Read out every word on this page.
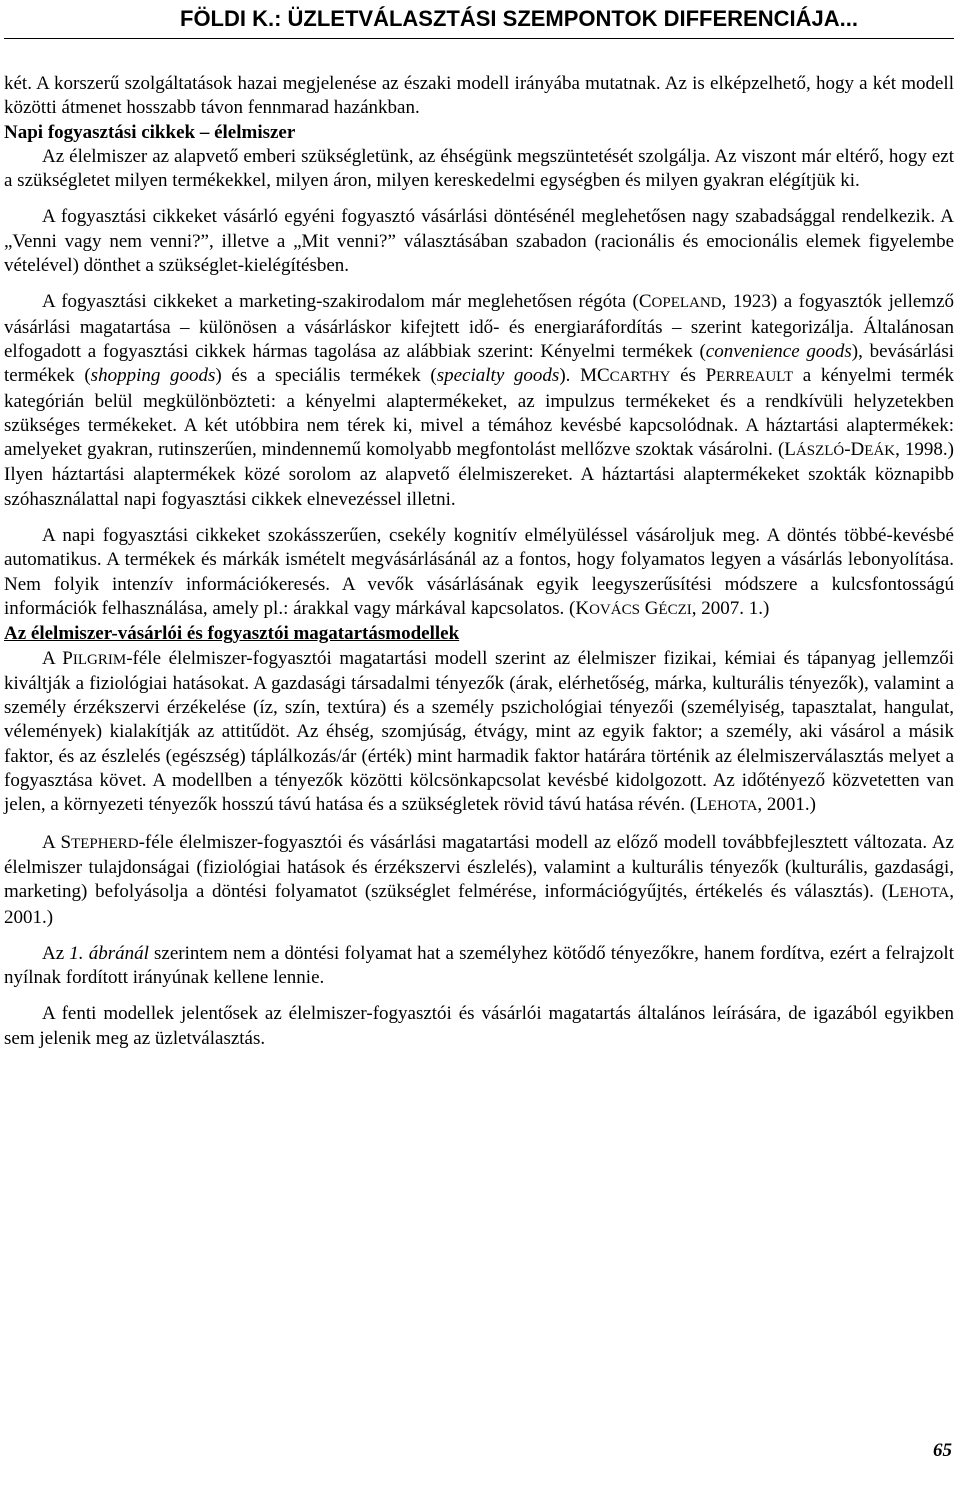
FÖLDI K.: ÜZLETVÁLASZTÁSI SZEMPONTOK DIFFERENCIÁJA...

két. A korszerű szolgáltatások hazai megjelenése az északi modell irányába mutatnak. Az is elképzelhető, hogy a két modell közötti átmenet hosszabb távon fennmarad hazánkban.

Napi fogyasztási cikkek – élelmiszer

Az élelmiszer az alapvető emberi szükségletünk, az éhségünk megszüntetését szolgálja. Az viszont már eltérő, hogy ezt a szükségletet milyen termékekkel, milyen áron, milyen kereskedelmi egységben és milyen gyakran elégítjük ki.

A fogyasztási cikkeket vásárló egyéni fogyasztó vásárlási döntésénél meglehetősen nagy szabadsággal rendelkezik. A „Venni vagy nem venni?”, illetve a „Mit venni?” választásában szabadon (racionális és emocionális elemek figyelembe vételével) dönthet a szükséglet-kielégítésben.

A fogyasztási cikkeket a marketing-szakirodalom már meglehetősen régóta (COPELAND, 1923) a fogyasztók jellemző vásárlási magatartása – különösen a vásárláskor kifejtett idő- és energiaráfordítás – szerint kategorizálja. Általánosan elfogadott a fogyasztási cikkek hármas tagolása az alábbiak szerint: Kényelmi termékek (convenience goods), bevásárlási termékek (shopping goods) és a speciális termékek (specialty goods). MCCARTHY és PERREAULT a kényelmi termék kategórián belül megkülönbözteti: a kényelmi alaptermékeket, az impulzus termékeket és a rendkívüli helyzetekben szükséges termékeket. A két utóbbira nem térek ki, mivel a témához kevésbé kapcsolódnak. A háztartási alaptermékek: amelyeket gyakran, rutinszerűen, mindennemű komolyabb megfontolást mellőzve szoktak vásárolni. (LÁSZLÓ-DEÁK, 1998.) Ilyen háztartási alaptermékek közé sorolom az alapvető élelmiszereket. A háztartási alaptermékeket szokták köznapibb szóhasználattal napi fogyasztási cikkek elnevezéssel illetni.

A napi fogyasztási cikkeket szokásszerűen, csekély kognitív elmélyüléssel vásároljuk meg. A döntés többé-kevésbé automatikus. A termékek és márkák ismételt megvásárlásánál az a fontos, hogy folyamatos legyen a vásárlás lebonyolítása. Nem folyik intenzív információkeresés. A vevők vásárlásának egyik leegyszerűsítési módszere a kulcsfontosságú információk felhasználása, amely pl.: árakkal vagy márkával kapcsolatos. (KOVÁCS GÉCZI, 2007. 1.)

Az élelmiszer-vásárlói és fogyasztói magatartásmodellek

A PILGRIM-féle élelmiszer-fogyasztói magatartási modell szerint az élelmiszer fizikai, kémiai és tápanyag jellemzői kiváltják a fiziológiai hatásokat. A gazdasági társadalmi tényezők (árak, elérhetőség, márka, kulturális tényezők), valamint a személy érzékszervi érzékelése (íz, szín, textúra) és a személy pszichológiai tényezői (személyiség, tapasztalat, hangulat, vélemények) kialakítják az attitűdöt. Az éhség, szomjúság, étvágy, mint az egyik faktor; a személy, aki vásárol a másik faktor, és az észlelés (egészség) táplálkozás/ár (érték) mint harmadik faktor határára történik az élelmiszerválasztás melyet a fogyasztása követ. A modellben a tényezők közötti kölcsönkapcsolat kevésbé kidolgozott. Az időtényező közvetetten van jelen, a környezeti tényezők hosszú távú hatása és a szükségletek rövid távú hatása révén. (LEHOTA, 2001.)

A STEPHERD-féle élelmiszer-fogyasztói és vásárlási magatartási modell az előző modell továbbfejlesztett változata. Az élelmiszer tulajdonságai (fiziológiai hatások és érzékszervi észlelés), valamint a kulturális tényezők (kulturális, gazdasági, marketing) befolyásolja a döntési folyamatot (szükséglet felmérése, információgyűjtés, értékelés és választás). (LEHOTA, 2001.)

Az 1. ábránál szerintem nem a döntési folyamat hat a személyhez kötődő tényezőkre, hanem fordítva, ezért a felrajzolt nyílnak fordított irányúnak kellene lennie.

A fenti modellek jelentősek az élelmiszer-fogyasztói és vásárlói magatartás általános leírására, de igazából egyikben sem jelenik meg az üzletválasztás.

65
